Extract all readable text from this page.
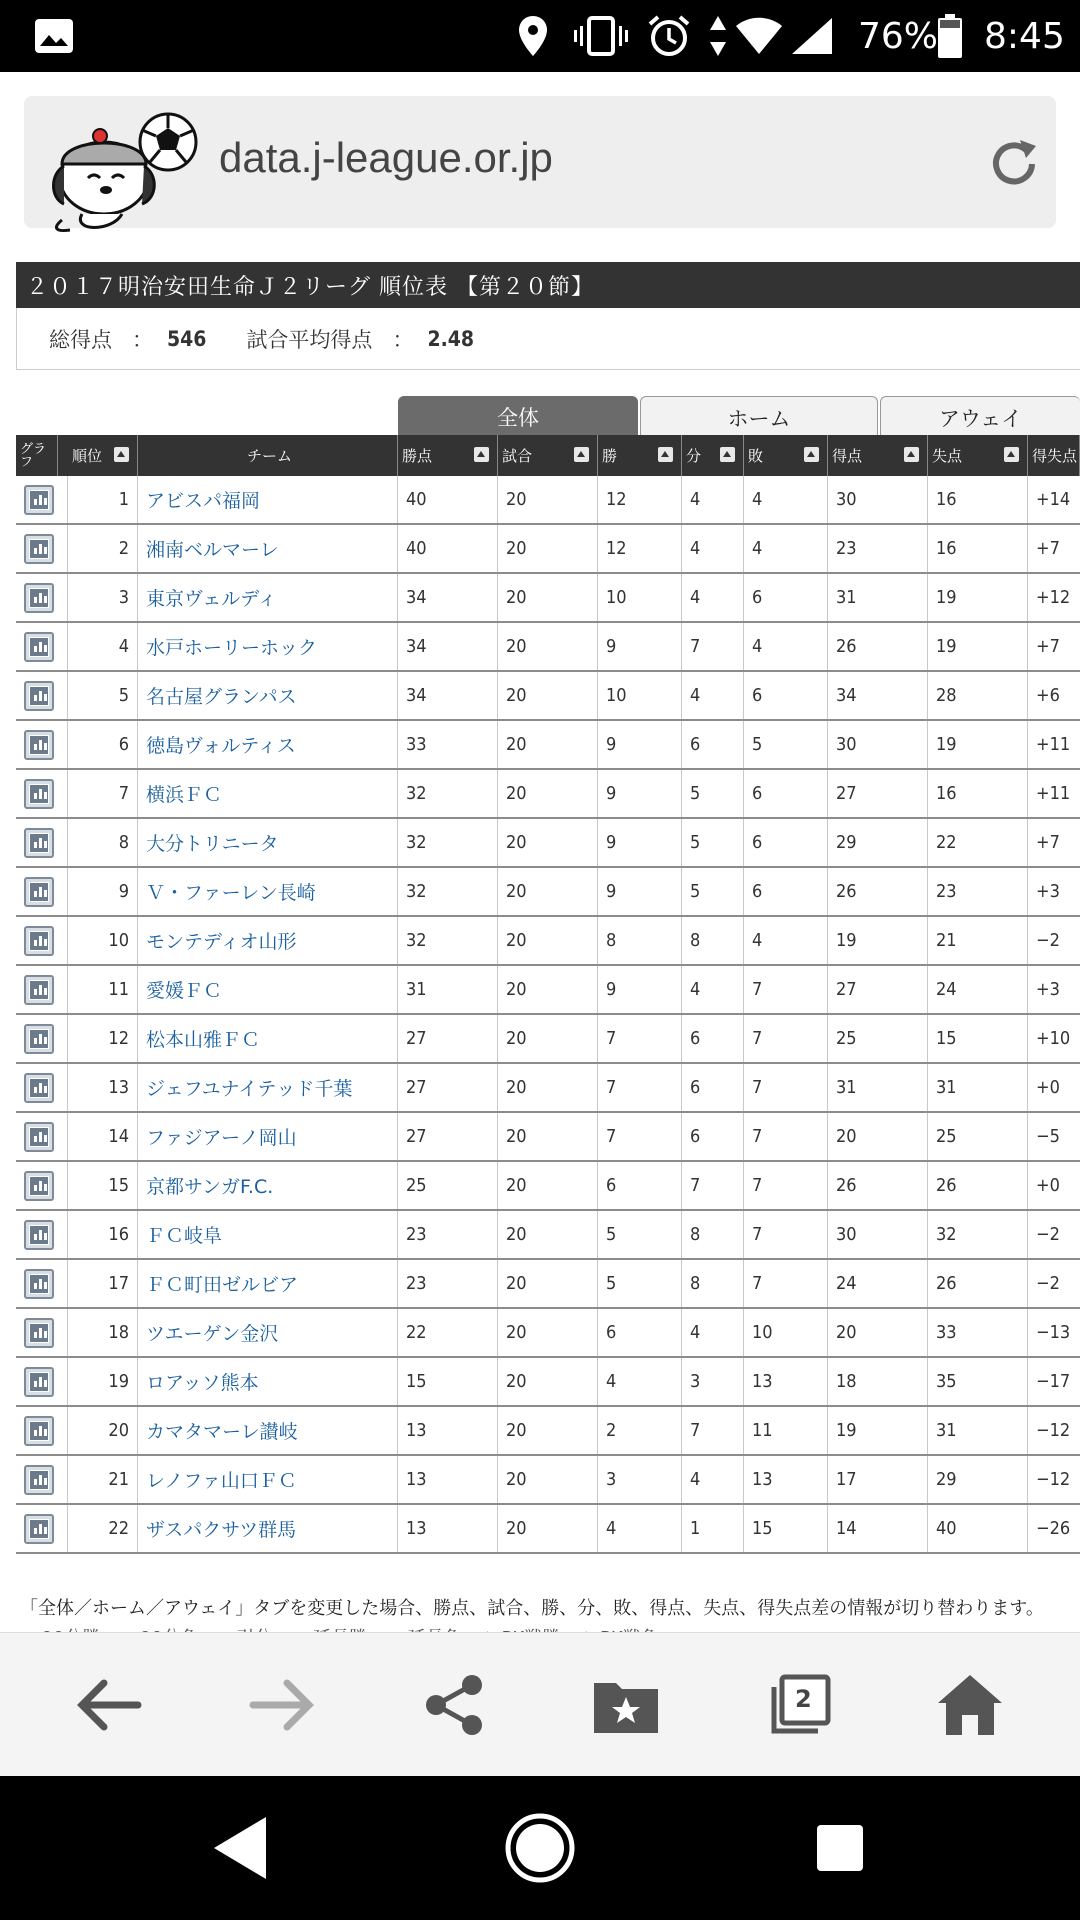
76% 8:45
data.j-league.or.jp
２０１７明治安田生命Ｊ２リーグ 順位表 【第２０節】
総得点 ： 546 試合平均得点 ： 2.48
全体	ホーム	アウェイ
グラフ	順位	チーム	勝点	試合	勝	分	敗	得点	失点	得失点
1 アビスパ福岡	40	20	12	4	4	30	16	+14
2 湘南ベルマーレ	40	20	12	4	4	23	16	+7
3 東京ヴェルディ	34	20	10	4	6	31	19	+12
4 水戸ホーリーホック	34	20	9	7	4	26	19	+7
5 名古屋グランパス	34	20	10	4	6	34	28	+6
6 徳島ヴォルティス	33	20	9	6	5	30	19	+11
7 横浜ＦＣ	32	20	9	5	6	27	16	+11
8 大分トリニータ	32	20	9	5	6	29	22	+7
9 Ｖ・ファーレン長崎	32	20	9	5	6	26	23	+3
10 モンテディオ山形	32	20	8	8	4	19	21	−2
11 愛媛ＦＣ	31	20	9	4	7	27	24	+3
12 松本山雅ＦＣ	27	20	7	6	7	25	15	+10
13 ジェフユナイテッド千葉	27	20	7	6	7	31	31	+0
14 ファジアーノ岡山	27	20	7	6	7	20	25	−5
15 京都サンガF.C.	25	20	6	7	7	26	26	+0
16 ＦＣ岐阜	23	20	5	8	7	30	32	−2
17 ＦＣ町田ゼルビア	23	20	5	8	7	24	26	−2
18 ツエーゲン金沢	22	20	6	4	10	20	33	−13
19 ロアッソ熊本	15	20	4	3	13	18	35	−17
20 カマタマーレ讃岐	13	20	2	7	11	19	31	−12
21 レノファ山口ＦＣ	13	20	3	4	13	17	29	−12
22 ザスパクサツ群馬	13	20	4	1	15	14	40	−26
「全体／ホーム／アウェイ」タブを変更した場合、勝点、試合、勝、分、敗、得点、失点、得失点差の情報が切り替わります。
2
